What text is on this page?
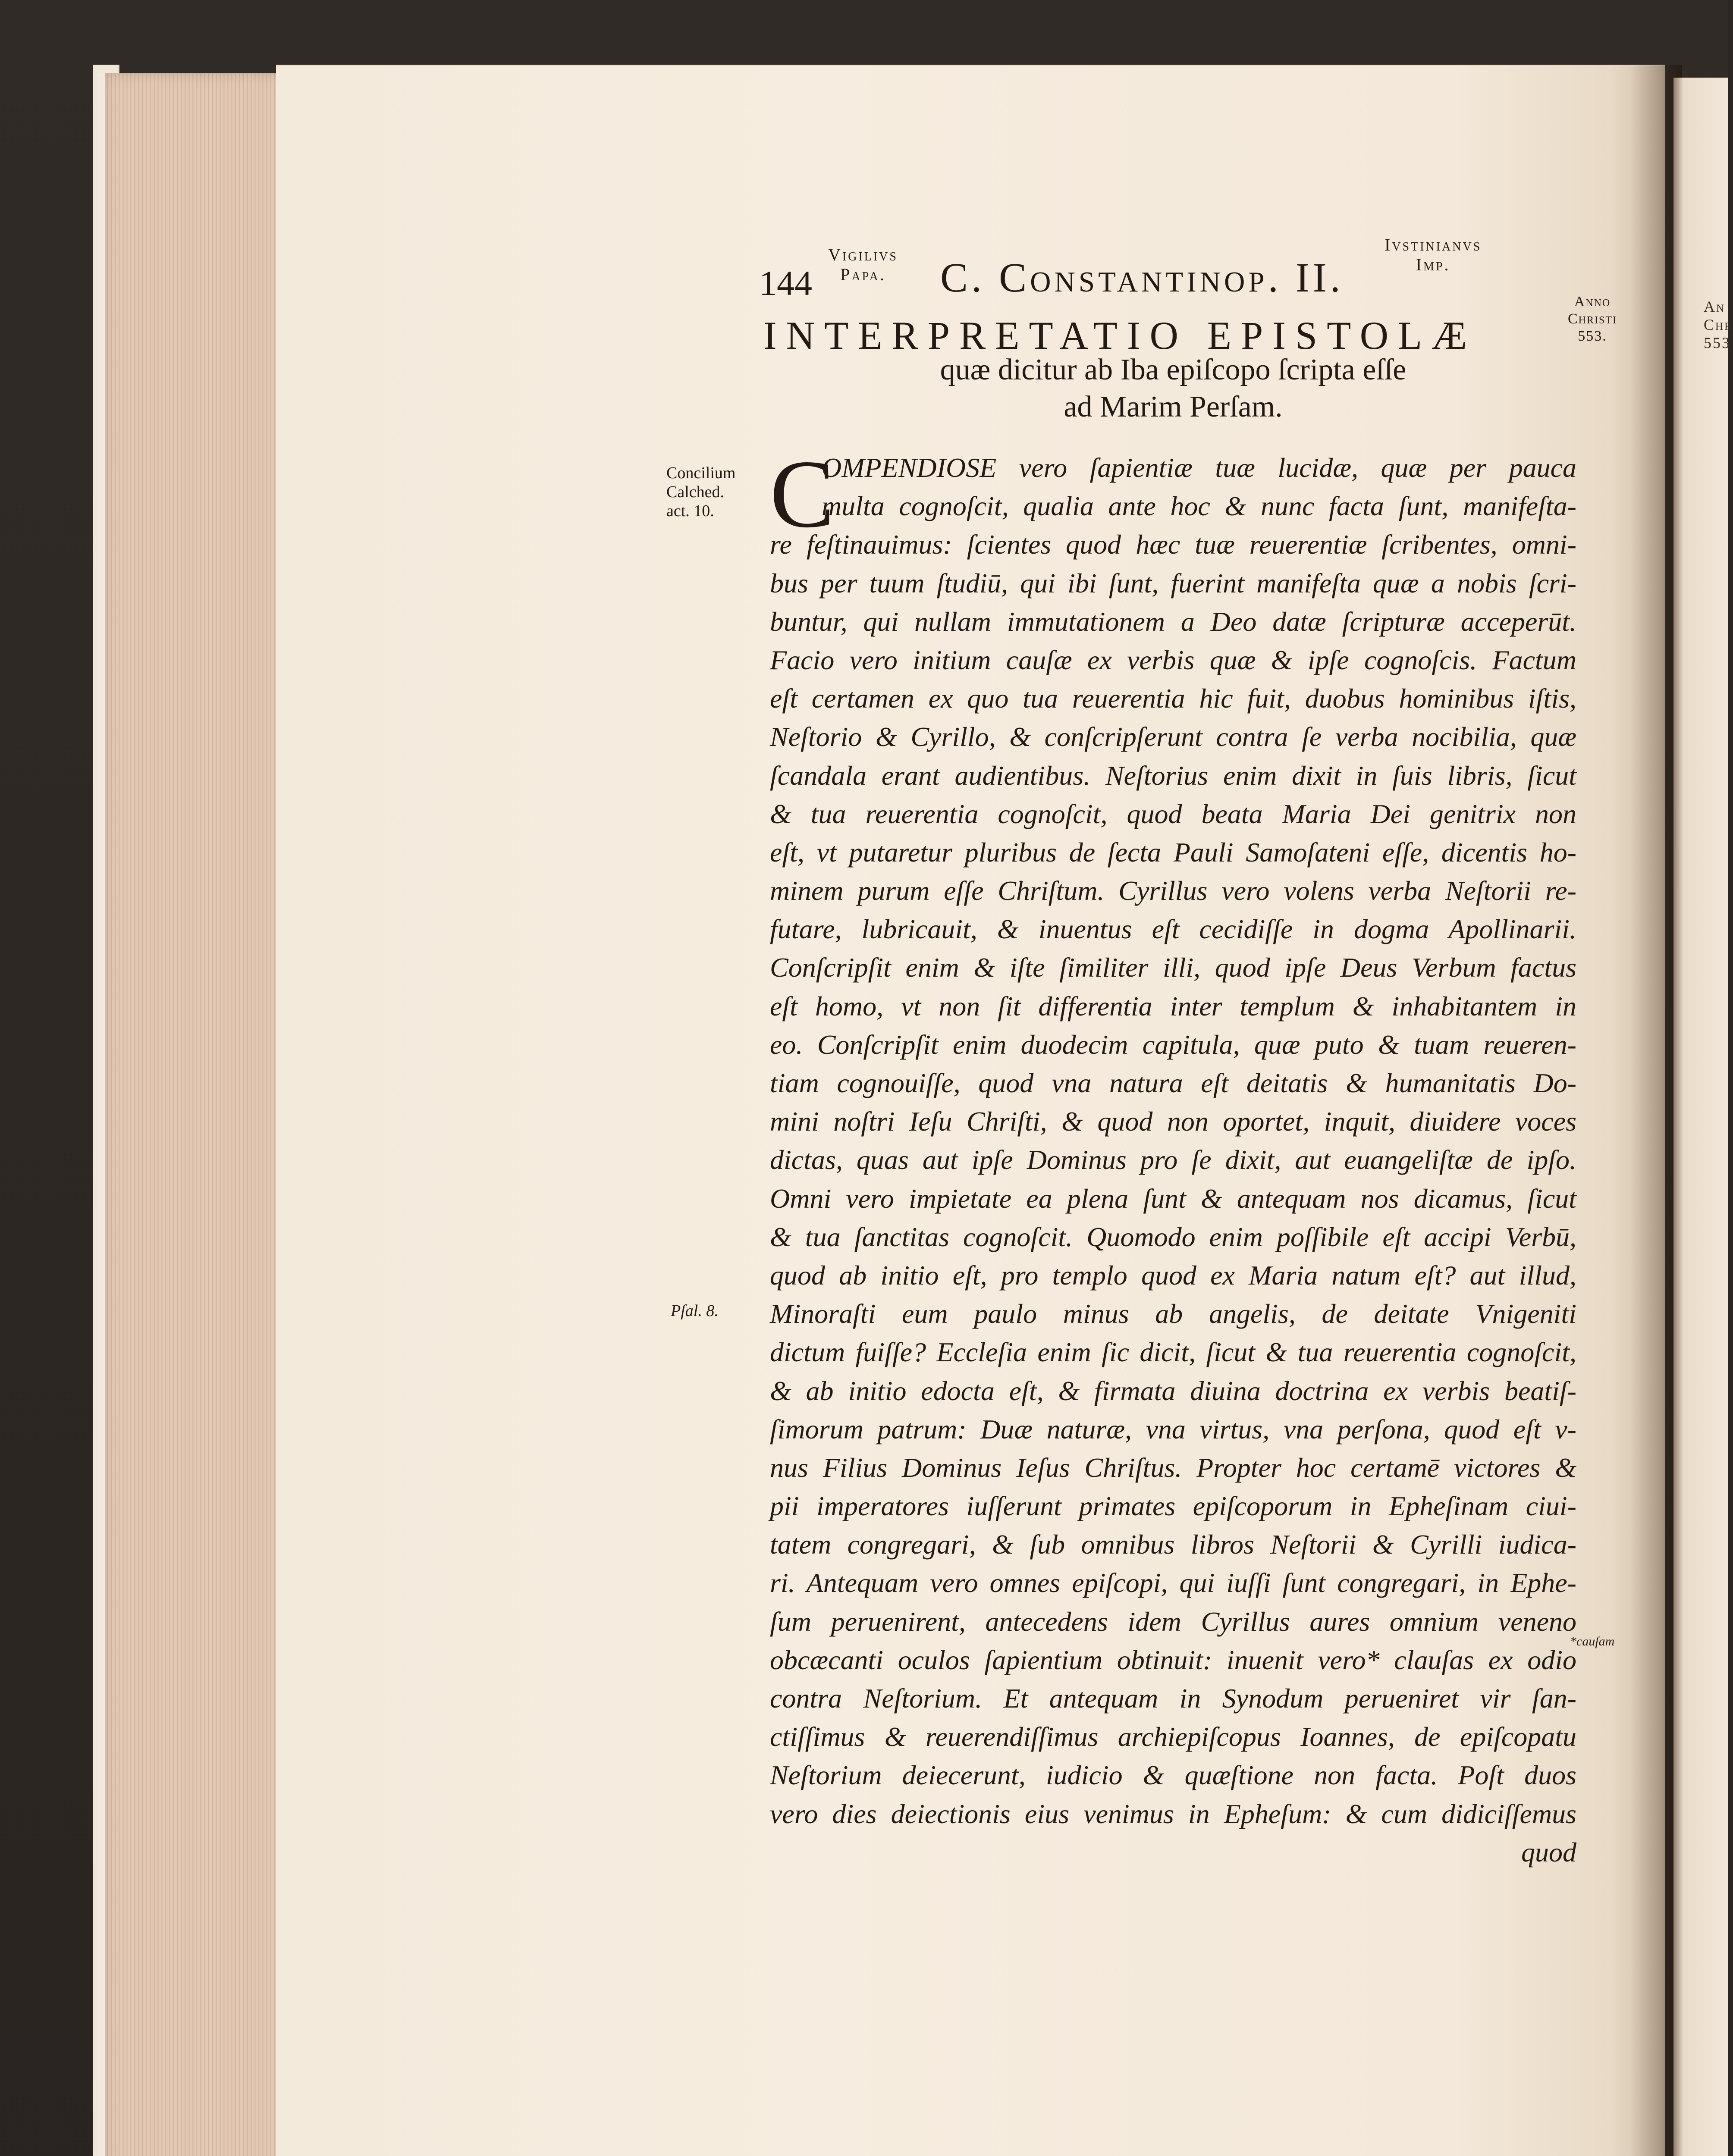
An
Chr
553
144
Vigilivs
Papa. C. Constantinop. II.
Ivstinianvs
Imp.
Anno
Christi
553.
INTERPRETATIO EPISTOLÆ
quæ dicitur ab Iba epiſcopo ſcripta eſſe
ad Marim Perſam.
Concilium
Calched.
act. 10.
Pſal. 8.
*cauſam
C
OMPENDIOSE vero ſapientiæ tuæ lucidæ, quæ per pauca
multa cognoſcit, qualia ante hoc & nunc facta ſunt, manifeſta-
re feſtinauimus: ſcientes quod hæc tuæ reuerentiæ ſcribentes, omni-
bus per tuum ſtudiū, qui ibi ſunt, fuerint manifeſta quæ a nobis ſcri-
buntur, qui nullam immutationem a Deo datæ ſcripturæ acceperūt.
Facio vero initium cauſæ ex verbis quæ & ipſe cognoſcis. Factum
eſt certamen ex quo tua reuerentia hic fuit, duobus hominibus iſtis,
Neſtorio & Cyrillo, & conſcripſerunt contra ſe verba nocibilia, quæ
ſcandala erant audientibus. Neſtorius enim dixit in ſuis libris, ſicut
& tua reuerentia cognoſcit, quod beata Maria Dei genitrix non
eſt, vt putaretur pluribus de ſecta Pauli Samoſateni eſſe, dicentis ho-
minem purum eſſe Chriſtum. Cyrillus vero volens verba Neſtorii re-
futare, lubricauit, & inuentus eſt cecidiſſe in dogma Apollinarii.
Conſcripſit enim & iſte ſimiliter illi, quod ipſe Deus Verbum factus
eſt homo, vt non ſit differentia inter templum & inhabitantem in
eo. Conſcripſit enim duodecim capitula, quæ puto & tuam reueren-
tiam cognouiſſe, quod vna natura eſt deitatis & humanitatis Do-
mini noſtri Ieſu Chriſti, & quod non oportet, inquit, diuidere voces
dictas, quas aut ipſe Dominus pro ſe dixit, aut euangeliſtæ de ipſo.
Omni vero impietate ea plena ſunt & antequam nos dicamus, ſicut
& tua ſanctitas cognoſcit. Quomodo enim poſſibile eſt accipi Verbū,
quod ab initio eſt, pro templo quod ex Maria natum eſt? aut illud,
Minoraſti eum paulo minus ab angelis, de deitate Vnigeniti
dictum fuiſſe? Eccleſia enim ſic dicit, ſicut & tua reuerentia cognoſcit,
& ab initio edocta eſt, & firmata diuina doctrina ex verbis beatiſ-
ſimorum patrum: Duæ naturæ, vna virtus, vna perſona, quod eſt v-
nus Filius Dominus Ieſus Chriſtus. Propter hoc certamē victores &
pii imperatores iuſſerunt primates epiſcoporum in Epheſinam ciui-
tatem congregari, & ſub omnibus libros Neſtorii & Cyrilli iudica-
ri. Antequam vero omnes epiſcopi, qui iuſſi ſunt congregari, in Ephe-
ſum peruenirent, antecedens idem Cyrillus aures omnium veneno
obcæcanti oculos ſapientium obtinuit: inuenit vero* clauſas ex odio
contra Neſtorium. Et antequam in Synodum perueniret vir ſan-
ctiſſimus & reuerendiſſimus archiepiſcopus Ioannes, de epiſcopatu
Neſtorium deiecerunt, iudicio & quæſtione non facta. Poſt duos
vero dies deiectionis eius venimus in Epheſum: & cum didiciſſemus
quod
